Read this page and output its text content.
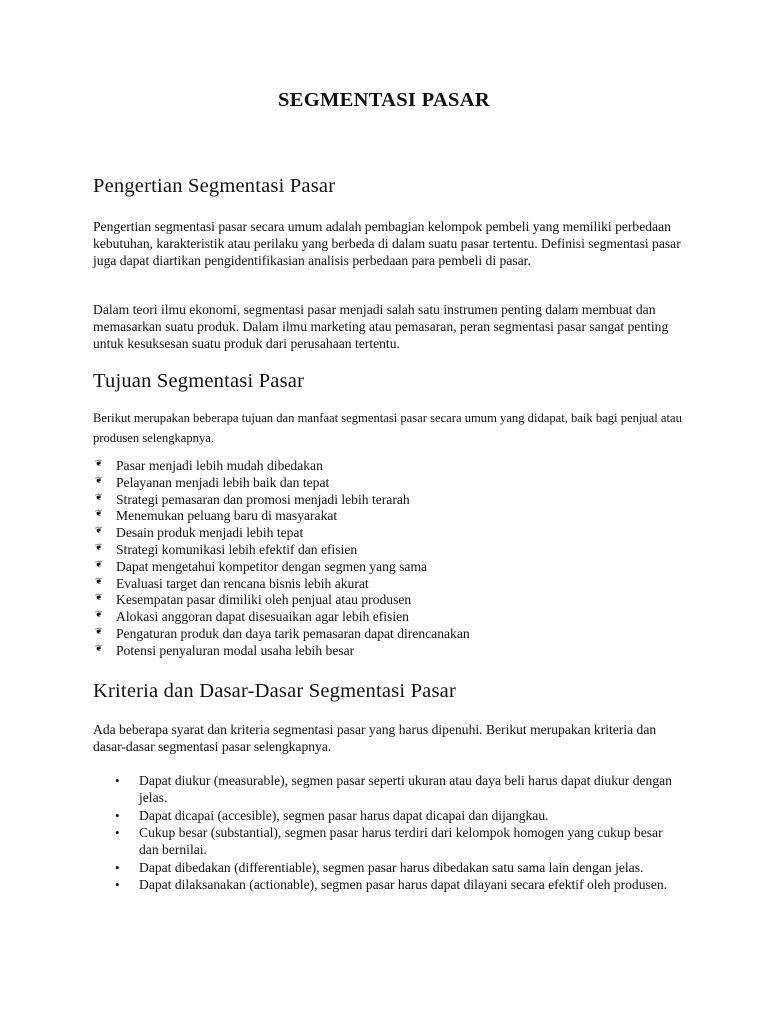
SEGMENTASI PASAR
Pengertian Segmentasi Pasar

Pengertian segmentasi pasar secara umum adalah pembagian kelompok pembeli yang memiliki perbedaan kebutuhan, karakteristik atau perilaku yang berbeda di dalam suatu pasar tertentu. Definisi segmentasi pasar juga dapat diartikan pengidentifikasian analisis perbedaan para pembeli di pasar.

Dalam teori ilmu ekonomi, segmentasi pasar menjadi salah satu instrumen penting dalam membuat dan memasarkan suatu produk. Dalam ilmu marketing atau pemasaran, peran segmentasi pasar sangat penting untuk kesuksesan suatu produk dari perusahaan tertentu.

Tujuan Segmentasi Pasar

Berikut merupakan beberapa tujuan dan manfaat segmentasi pasar secara umum yang didapat, baik bagi penjual atau produsen selengkapnya.

❦ Pasar menjadi lebih mudah dibedakan
❦ Pelayanan menjadi lebih baik dan tepat
❦ Strategi pemasaran dan promosi menjadi lebih terarah
❦ Menemukan peluang baru di masyarakat
❦ Desain produk menjadi lebih tepat
❦ Strategi komunikasi lebih efektif dan efisien
❦ Dapat mengetahui kompetitor dengan segmen yang sama
❦ Evaluasi target dan rencana bisnis lebih akurat
❦ Kesempatan pasar dimiliki oleh penjual atau produsen
❦ Alokasi anggoran dapat disesuaikan agar lebih efisien
❦ Pengaturan produk dan daya tarik pemasaran dapat direncanakan
❦ Potensi penyaluran modal usaha lebih besar
Kriteria dan Dasar-Dasar Segmentasi Pasar

Ada beberapa syarat dan kriteria segmentasi pasar yang harus dipenuhi. Berikut merupakan kriteria dan dasar-dasar segmentasi pasar selengkapnya.

• Dapat diukur (measurable), segmen pasar seperti ukuran atau daya beli harus dapat diukur dengan jelas.
• Dapat dicapai (accesible), segmen pasar harus dapat dicapai dan dijangkau.
• Cukup besar (substantial), segmen pasar harus terdiri dari kelompok homogen yang cukup besar dan bernilai.
• Dapat dibedakan (differentiable), segmen pasar harus dibedakan satu sama lain dengan jelas.
• Dapat dilaksanakan (actionable), segmen pasar harus dapat dilayani secara efektif oleh produsen.
